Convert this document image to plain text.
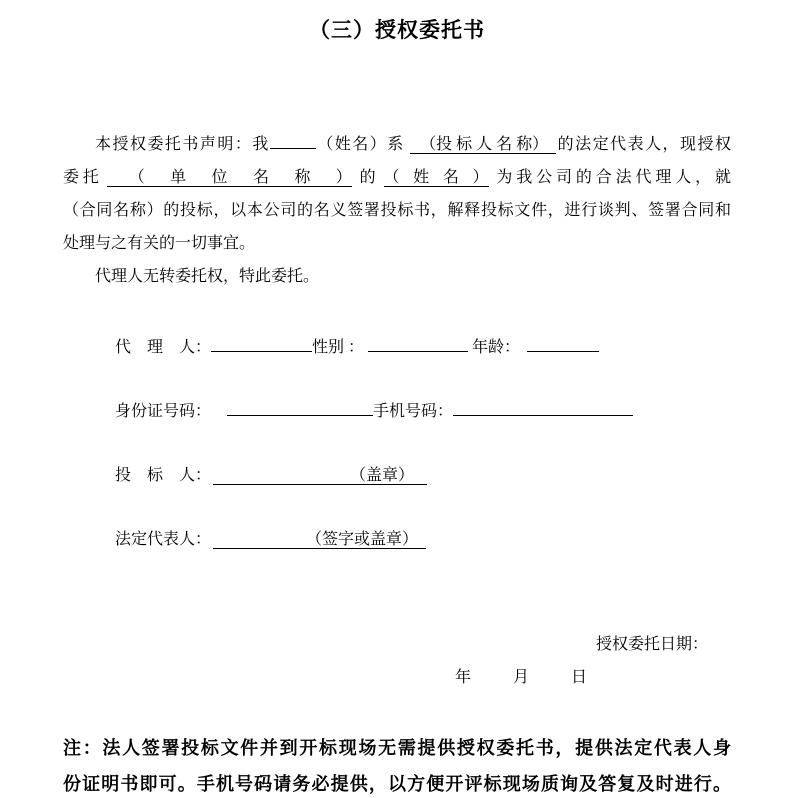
（三）授权委托书
本授权委托书声明：我	（姓名）系 （投 标 人 名 称） 的法定代表人，现授权
委托 （单位名称） 的 （姓名） 为我公司的合法代理人，就
（合同名称）的投标，以本公司的名义签署投标书，解释投标文件，进行谈判、签署合同和
处理与之有关的一切事宜。
代理人无转委托权，特此委托。
代　理　人：	性别 ：	年龄：
身份证号码：	手机号码：
投　标　人：	（盖章）
法定代表人：	（签字或盖章）
授权委托日期：
年	月	日
注：法人签署投标文件并到开标现场无需提供授权委托书，提供法定代表人身
份证明书即可。手机号码请务必提供，以方便开评标现场质询及答复及时进行。
